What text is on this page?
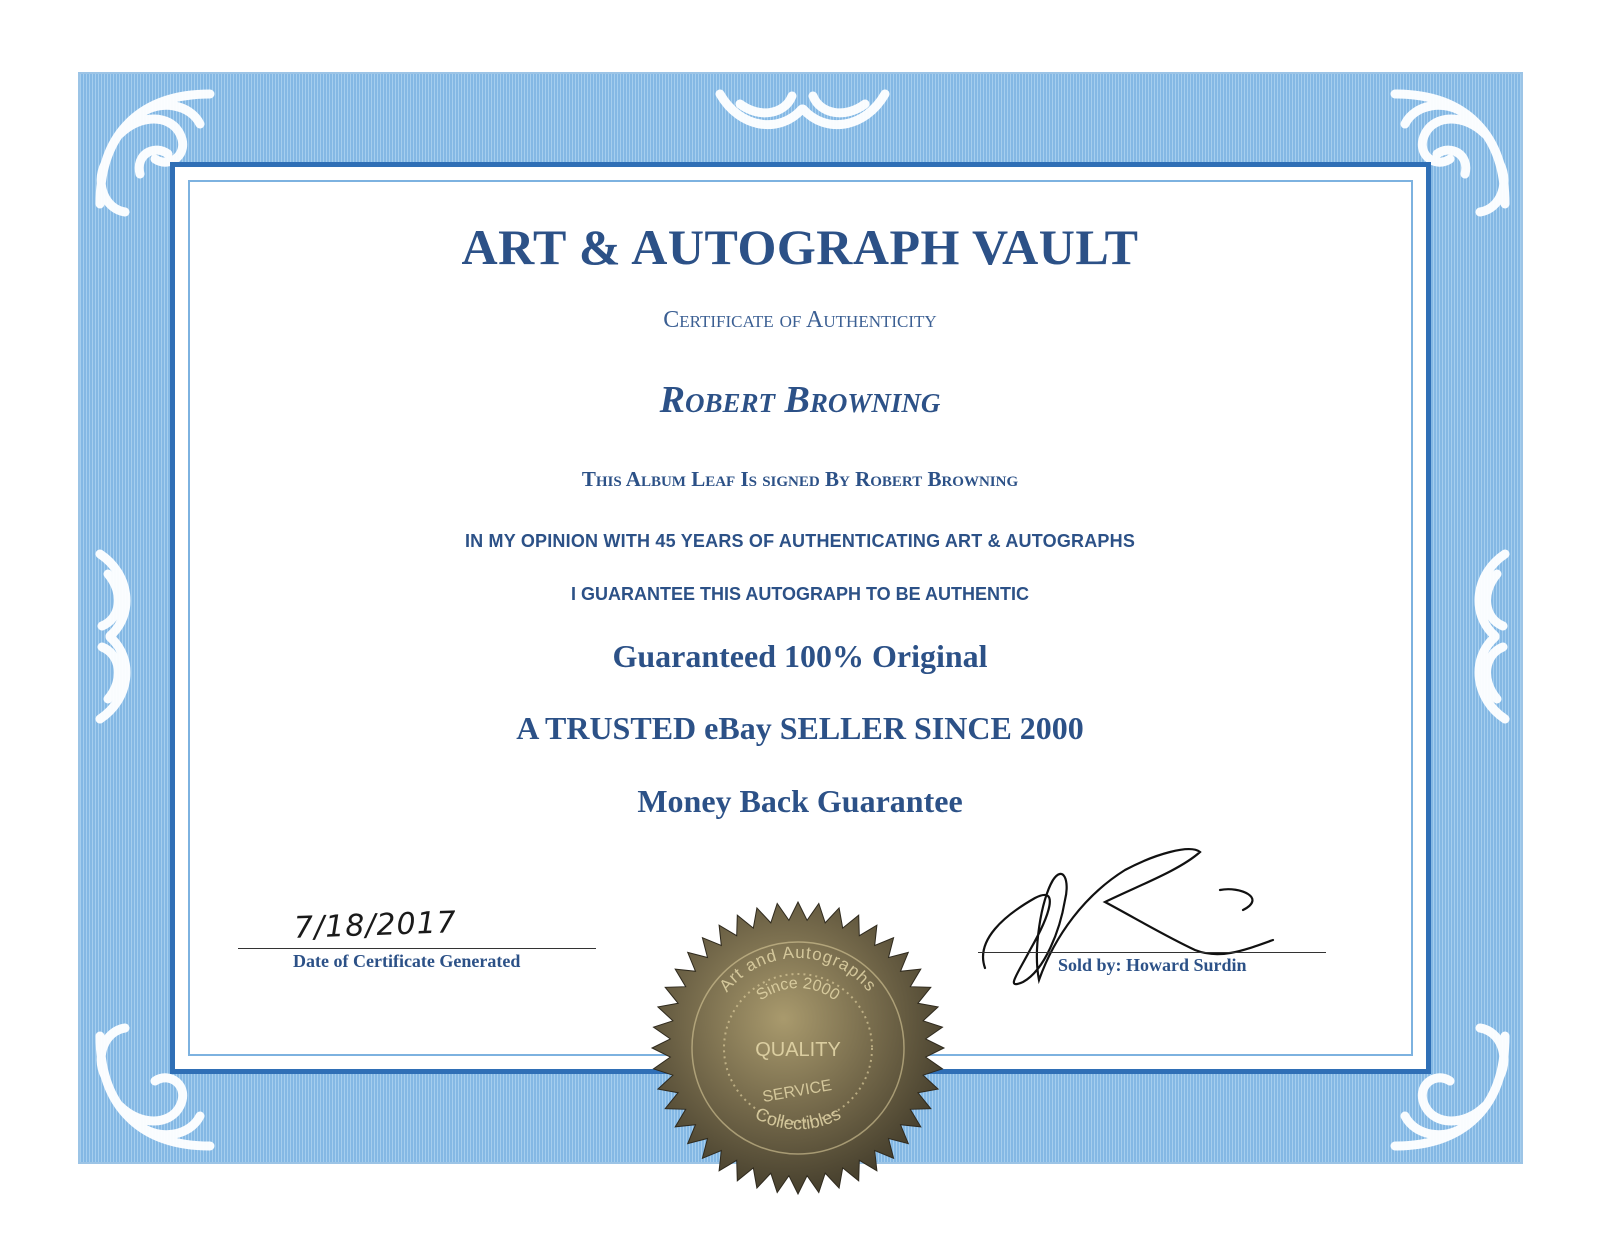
ART & AUTOGRAPH VAULT
Certificate of Authenticity
Robert Browning
This Album Leaf Is signed By Robert Browning
IN MY OPINION WITH 45 YEARS OF AUTHENTICATING ART & AUTOGRAPHS
I GUARANTEE THIS AUTOGRAPH TO BE AUTHENTIC
Guaranteed 100% Original
A TRUSTED eBay SELLER SINCE 2000
Money Back Guarantee
7/18/2017
Date of Certificate Generated	Sold by: Howard Surdin
Art and Autographs
Since 2000
QUALITY
SERVICE
Collectibles
